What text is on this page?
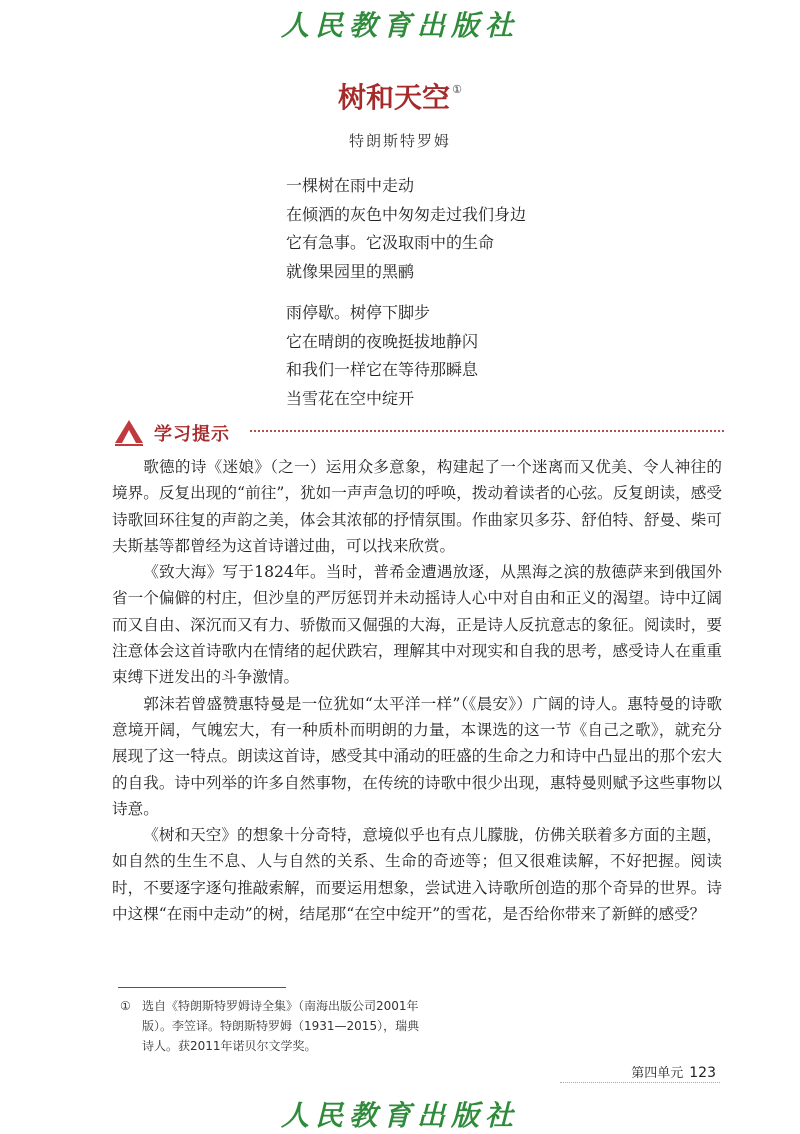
人民教育出版社
树和天空 ①
特朗斯特罗姆
一棵树在雨中走动
在倾洒的灰色中匆匆走过我们身边
它有急事。它汲取雨中的生命
就像果园里的黑鹂
雨停歇。树停下脚步
它在晴朗的夜晚挺拔地静闪
和我们一样它在等待那瞬息
当雪花在空中绽开
学习提示

歌德的诗《迷娘》（之一）运用众多意象，构建起了一个迷离而又优美、令人神往的境界。反复出现的“前往”，犹如一声声急切的呼唤，拨动着读者的心弦。反复朗读，感受诗歌回环往复的声韵之美，体会其浓郁的抒情氛围。作曲家贝多芬、舒伯特、舒曼、柴可夫斯基等都曾经为这首诗谱过曲，可以找来欣赏。

《致大海》写于1824年。当时，普希金遭遇放逐，从黑海之滨的敖德萨来到俄国外省一个偏僻的村庄，但沙皇的严厉惩罚并未动摇诗人心中对自由和正义的渴望。诗中辽阔而又自由、深沉而又有力、骄傲而又倔强的大海，正是诗人反抗意志的象征。阅读时，要注意体会这首诗歌内在情绪的起伏跌宕，理解其中对现实和自我的思考，感受诗人在重重束缚下迸发出的斗争激情。

郭沫若曾盛赞惠特曼是一位犹如“太平洋一样”（《晨安》）广阔的诗人。惠特曼的诗歌意境开阔，气魄宏大，有一种质朴而明朗的力量，本课选的这一节《自己之歌》，就充分展现了这一特点。朗读这首诗，感受其中涌动的旺盛的生命之力和诗中凸显出的那个宏大的自我。诗中列举的许多自然事物，在传统的诗歌中很少出现，惠特曼则赋予这些事物以诗意。

《树和天空》的想象十分奇特，意境似乎也有点儿朦胧，仿佛关联着多方面的主题，如自然的生生不息、人与自然的关系、生命的奇迹等；但又很难读解，不好把握。阅读时，不要逐字逐句推敲索解，而要运用想象，尝试进入诗歌所创造的那个奇异的世界。诗中这棵“在雨中走动”的树，结尾那“在空中绽开”的雪花，是否给你带来了新鲜的感受？

① 选自《特朗斯特罗姆诗全集》（南海出版公司2001年版）。李笠译。特朗斯特罗姆（1931—2015），瑞典诗人。获2011年诺贝尔文学奖。
第四单元 123
人民教育出版社
